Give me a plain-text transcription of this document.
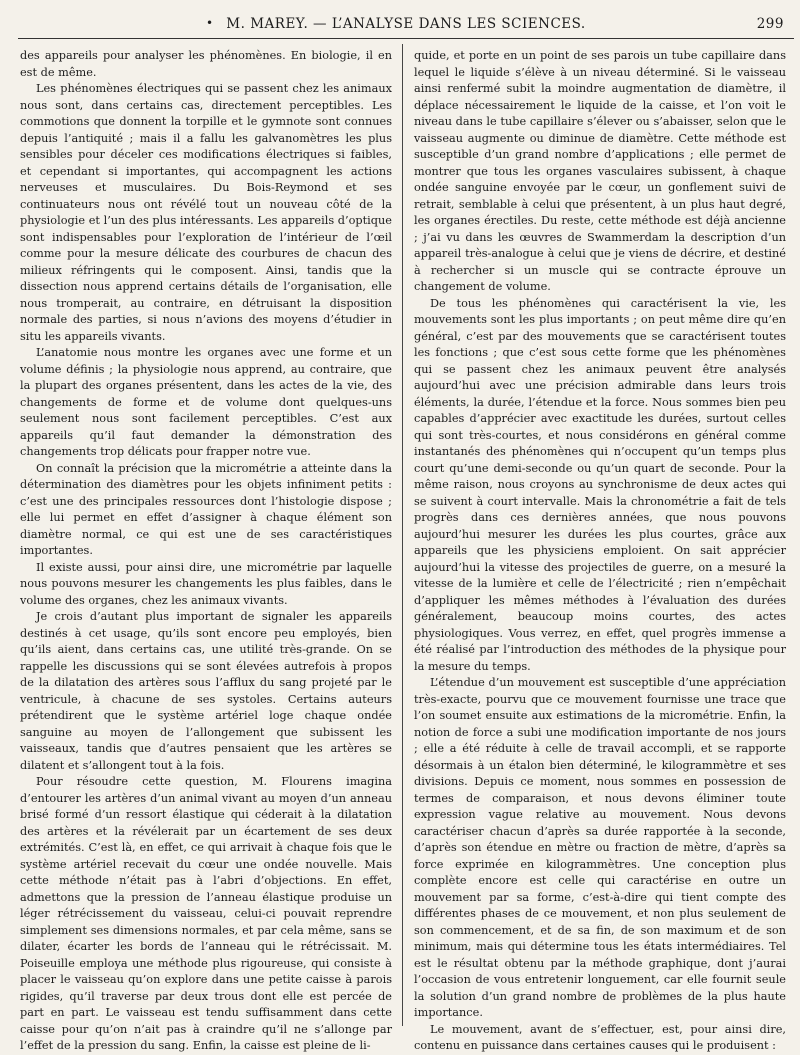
• M. MAREY. — L’ANALYSE DANS LES SCIENCES.	299

des appareils pour analyser les phénomènes. En biologie, il en est de même.

Les phénomènes électriques qui se passent chez les animaux nous sont, dans certains cas, directement perceptibles. Les commotions que donnent la torpille et le gymnote sont connues depuis l’antiquité ; mais il a fallu les galvanomètres les plus sensibles pour déceler ces modifications électriques si faibles, et cependant si importantes, qui accompagnent les actions nerveuses et musculaires. Du Bois-Reymond et ses continuateurs nous ont révélé tout un nouveau côté de la physiologie et l’un des plus intéressants. Les appareils d’optique sont indispensables pour l’exploration de l’intérieur de l’œil comme pour la mesure délicate des courbures de chacun des milieux réfringents qui le composent. Ainsi, tandis que la dissection nous apprend certains détails de l’organisation, elle nous tromperait, au contraire, en détruisant la disposition normale des parties, si nous n’avions des moyens d’étudier in situ les appareils vivants.

L’anatomie nous montre les organes avec une forme et un volume définis ; la physiologie nous apprend, au contraire, que la plupart des organes présentent, dans les actes de la vie, des changements de forme et de volume dont quelques-uns seulement nous sont facilement perceptibles. C’est aux appareils qu’il faut demander la démonstration des changements trop délicats pour frapper notre vue.

On connaît la précision que la micrométrie a atteinte dans la détermination des diamètres pour les objets infiniment petits : c’est une des principales ressources dont l’histologie dispose ; elle lui permet en effet d’assigner à chaque élément son diamètre normal, ce qui est une de ses caractéristiques importantes.

Il existe aussi, pour ainsi dire, une micrométrie par laquelle nous pouvons mesurer les changements les plus faibles, dans le volume des organes, chez les animaux vivants.

Je crois d’autant plus important de signaler les appareils destinés à cet usage, qu’ils sont encore peu employés, bien qu’ils aient, dans certains cas, une utilité très-grande. On se rappelle les discussions qui se sont élevées autrefois à propos de la dilatation des artères sous l’afflux du sang projeté par le ventricule, à chacune de ses systoles. Certains auteurs prétendirent que le système artériel loge chaque ondée sanguine au moyen de l’allongement que subissent les vaisseaux, tandis que d’autres pensaient que les artères se dilatent et s’allongent tout à la fois.

Pour résoudre cette question, M. Flourens imagina d’entourer les artères d’un animal vivant au moyen d’un anneau brisé formé d’un ressort élastique qui céderait à la dilatation des artères et la révélerait par un écartement de ses deux extrémités. C’est là, en effet, ce qui arrivait à chaque fois que le système artériel recevait du cœur une ondée nouvelle. Mais cette méthode n’était pas à l’abri d’objections. En effet, admettons que la pression de l’anneau élastique produise un léger rétrécissement du vaisseau, celui-ci pouvait reprendre simplement ses dimensions normales, et par cela même, sans se dilater, écarter les bords de l’anneau qui le rétrécissait. M. Poiseuille employa une méthode plus rigoureuse, qui consiste à placer le vaisseau qu’on explore dans une petite caisse à parois rigides, qu’il traverse par deux trous dont elle est percée de part en part. Le vaisseau est tendu suffisamment dans cette caisse pour qu’on n’ait pas à craindre qu’il ne s’allonge par l’effet de la pression du sang. Enfin, la caisse est pleine de li-

quide, et porte en un point de ses parois un tube capillaire dans lequel le liquide s’élève à un niveau déterminé. Si le vaisseau ainsi renfermé subit la moindre augmentation de diamètre, il déplace nécessairement le liquide de la caisse, et l’on voit le niveau dans le tube capillaire s’élever ou s’abaisser, selon que le vaisseau augmente ou diminue de diamètre. Cette méthode est susceptible d’un grand nombre d’applications ; elle permet de montrer que tous les organes vasculaires subissent, à chaque ondée sanguine envoyée par le cœur, un gonflement suivi de retrait, semblable à celui que présentent, à un plus haut degré, les organes érectiles. Du reste, cette méthode est déjà ancienne ; j’ai vu dans les œuvres de Swammerdam la description d’un appareil très-analogue à celui que je viens de décrire, et destiné à rechercher si un muscle qui se contracte éprouve un changement de volume.

De tous les phénomènes qui caractérisent la vie, les mouvements sont les plus importants ; on peut même dire qu’en général, c’est par des mouvements que se caractérisent toutes les fonctions ; que c’est sous cette forme que les phénomènes qui se passent chez les animaux peuvent être analysés aujourd’hui avec une précision admirable dans leurs trois éléments, la durée, l’étendue et la force. Nous sommes bien peu capables d’apprécier avec exactitude les durées, surtout celles qui sont très-courtes, et nous considérons en général comme instantanés des phénomènes qui n’occupent qu’un temps plus court qu’une demi-seconde ou qu’un quart de seconde. Pour la même raison, nous croyons au synchronisme de deux actes qui se suivent à court intervalle. Mais la chronométrie a fait de tels progrès dans ces dernières années, que nous pouvons aujourd’hui mesurer les durées les plus courtes, grâce aux appareils que les physiciens emploient. On sait apprécier aujourd’hui la vitesse des projectiles de guerre, on a mesuré la vitesse de la lumière et celle de l’électricité ; rien n’empêchait d’appliquer les mêmes méthodes à l’évaluation des durées généralement, beaucoup moins courtes, des actes physiologiques. Vous verrez, en effet, quel progrès immense a été réalisé par l’introduction des méthodes de la physique pour la mesure du temps.

L’étendue d’un mouvement est susceptible d’une appréciation très-exacte, pourvu que ce mouvement fournisse une trace que l’on soumet ensuite aux estimations de la micrométrie. Enfin, la notion de force a subi une modification importante de nos jours ; elle a été réduite à celle de travail accompli, et se rapporte désormais à un étalon bien déterminé, le kilogrammètre et ses divisions. Depuis ce moment, nous sommes en possession de termes de comparaison, et nous devons éliminer toute expression vague relative au mouvement. Nous devons caractériser chacun d’après sa durée rapportée à la seconde, d’après son étendue en mètre ou fraction de mètre, d’après sa force exprimée en kilogrammètres. Une conception plus complète encore est celle qui caractérise en outre un mouvement par sa forme, c’est-à-dire qui tient compte des différentes phases de ce mouvement, et non plus seulement de son commencement, et de sa fin, de son maximum et de son minimum, mais qui détermine tous les états intermédiaires. Tel est le résultat obtenu par la méthode graphique, dont j’aurai l’occasion de vous entretenir longuement, car elle fournit seule la solution d’un grand nombre de problèmes de la plus haute importance.

Le mouvement, avant de s’effectuer, est, pour ainsi dire, contenu en puissance dans certaines causes qui le produisent :
